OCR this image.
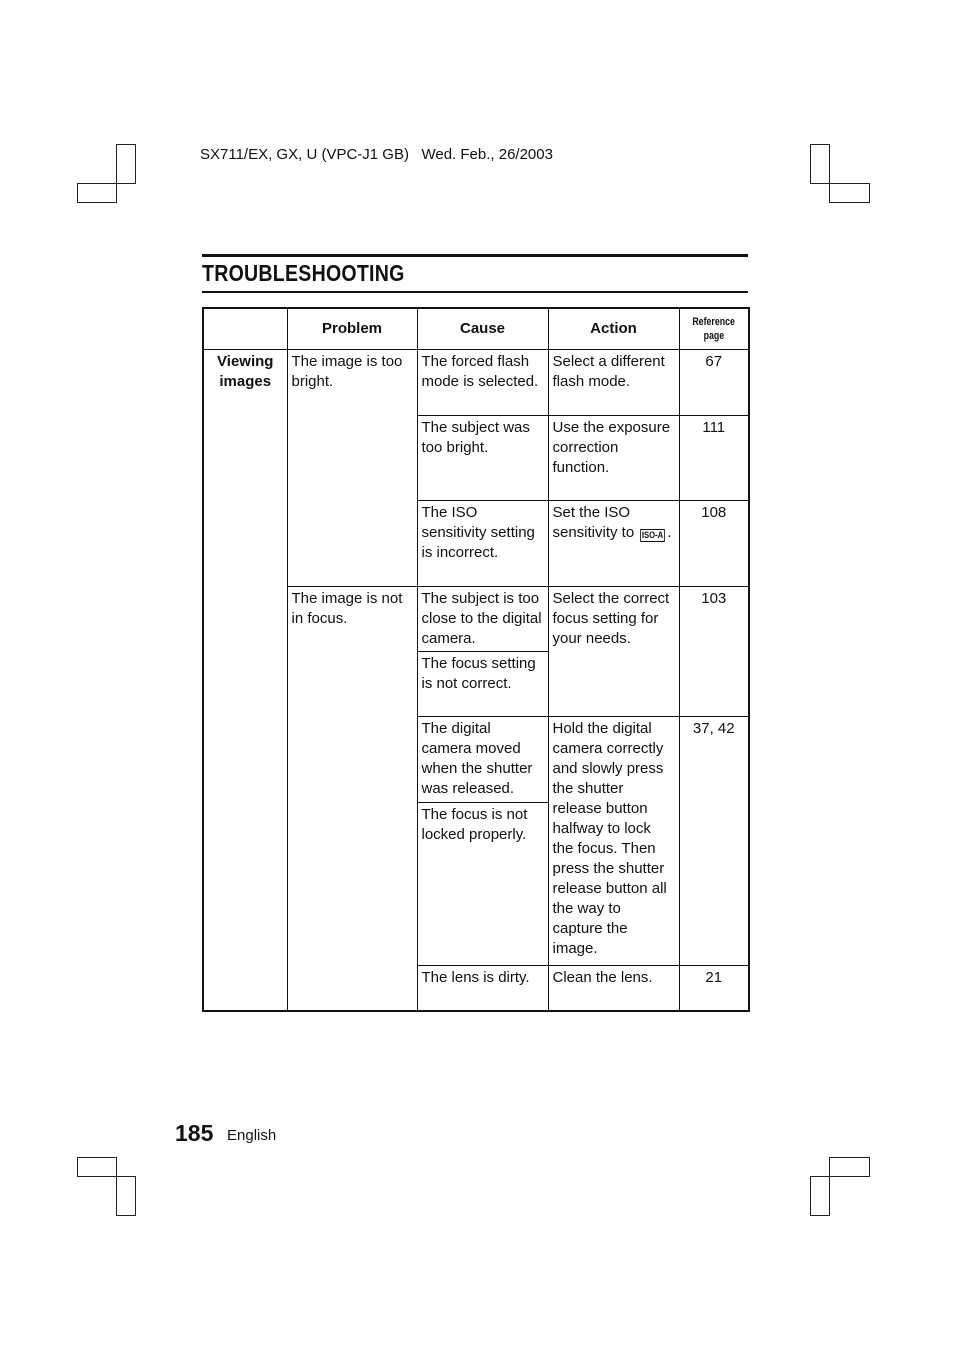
SX711/EX, GX, U (VPC-J1 GB) Wed. Feb., 26/2003
TROUBLESHOOTING
	Problem	Cause	Action	Reference
page
Viewing
images	The image is too bright.	The forced flash mode is selected.	Select a different flash mode.	67
		The subject was too bright.	Use the exposure correction function.	111
		The ISO sensitivity setting is incorrect.	Set the ISO sensitivity to ISO-A .	108
	The image is not in focus.	The subject is too close to the digital camera.	Select the correct focus setting for your needs.	103
		The focus setting is not correct.		
		The digital camera moved when the shutter was released.	Hold the digital camera correctly and slowly press the shutter release button halfway to lock the focus. Then press the shutter release button all the way to capture the image.	37, 42
		The focus is not locked properly.		
		The lens is dirty.	Clean the lens.	21
185 English
